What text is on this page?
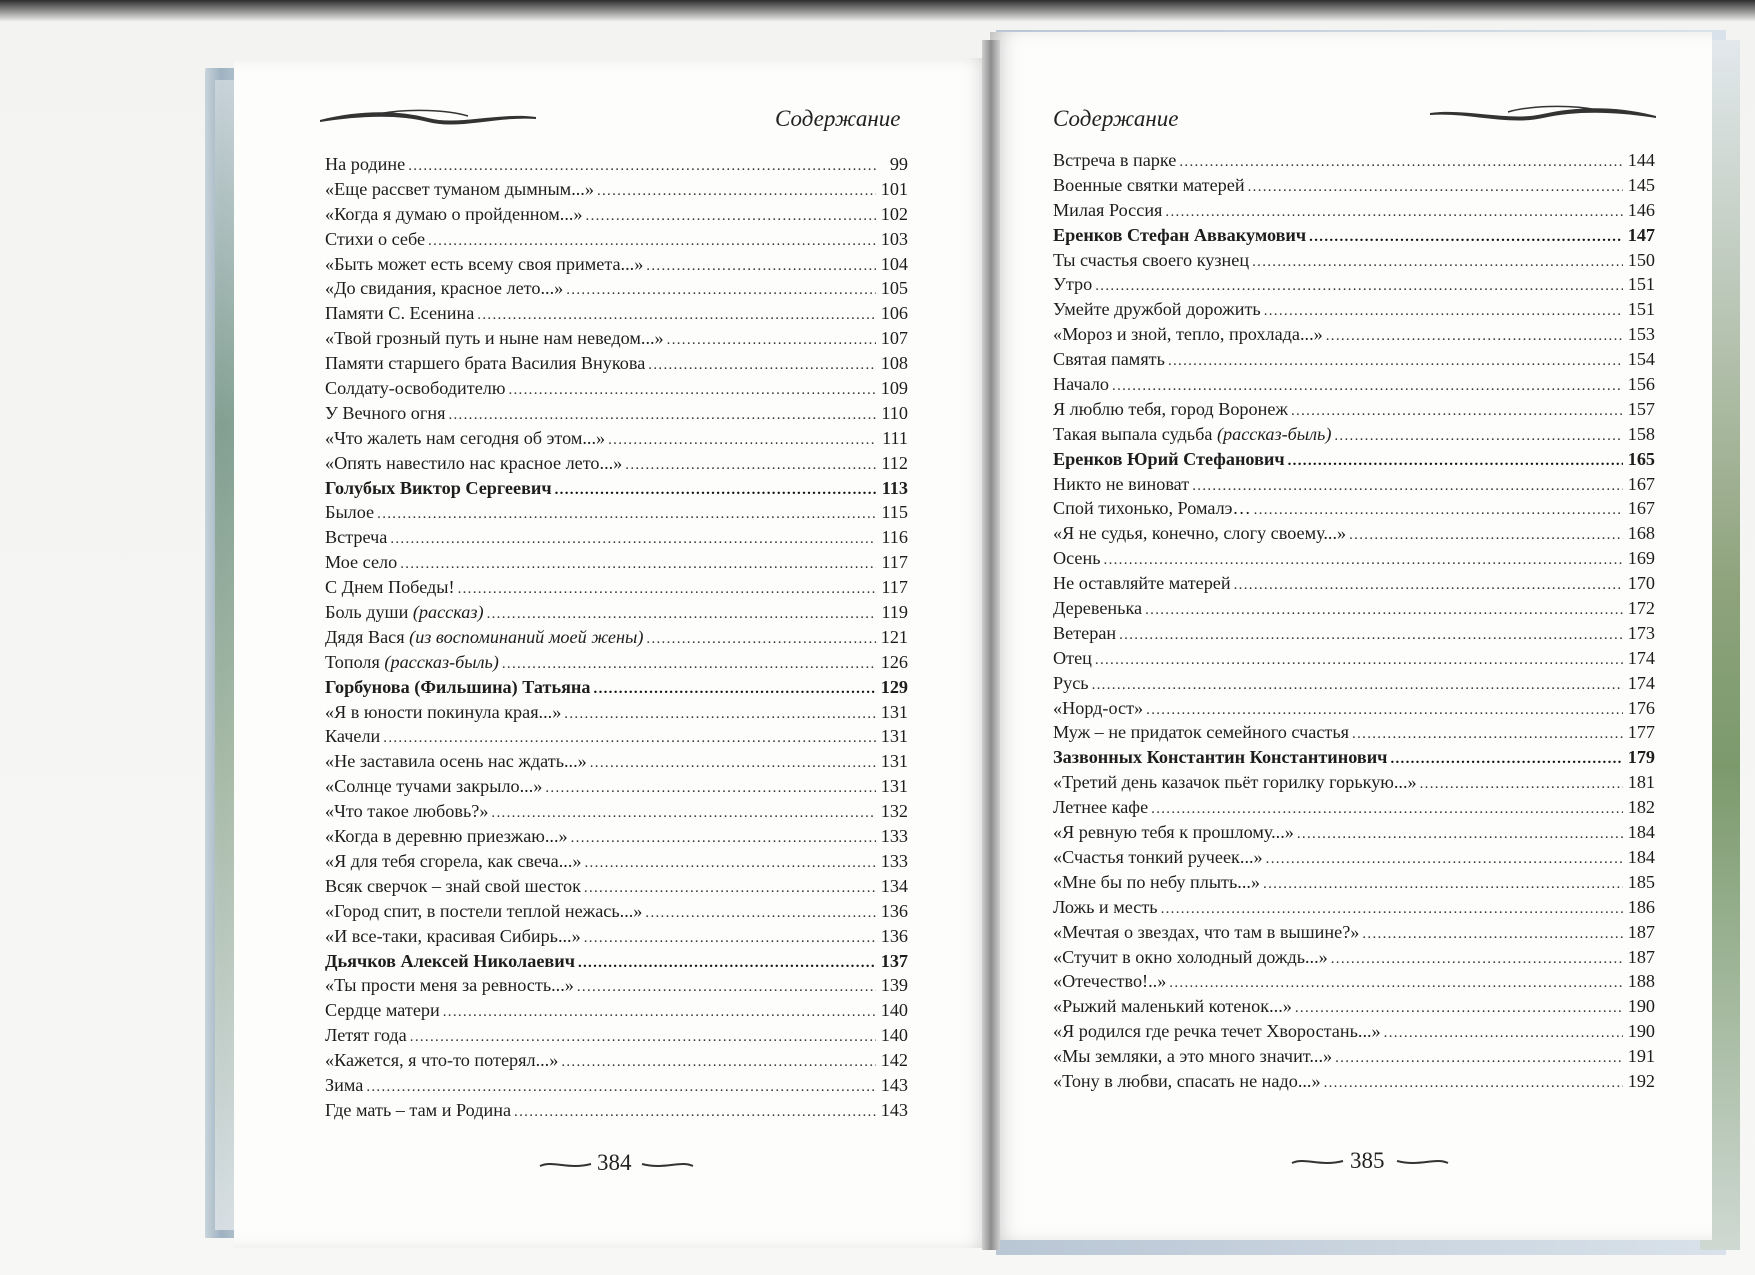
Содержание	Содержание
На родине .....	99
«Еще рассвет туманом дымным...» .....	101
«Когда я думаю о пройденном...» .....	102
Стихи о себе .....	103
«Быть может есть всему своя примета...» .....	104
«До свидания, красное лето...» .....	105
Памяти С. Есенина .....	106
«Твой грозный путь и ныне нам неведом...» .....	107
Памяти старшего брата Василия Внукова .....	108
Солдату-освободителю .....	109
У Вечного огня .....	110
«Что жалеть нам сегодня об этом...» .....	111
«Опять навестило нас красное лето...» .....	112
Голубых Виктор Сергеевич .....	113
Былое .....	115
Встреча .....	116
Мое село .....	117
С Днем Победы! .....	117
Боль души (рассказ) .....	119
Дядя Вася (из воспоминаний моей жены) .....	121
Тополя (рассказ-быль) .....	126
Горбунова (Фильшина) Татьяна .....	129
«Я в юности покинула края...» .....	131
Качели .....	131
«Не заставила осень нас ждать...» .....	131
«Солнце тучами закрыло...» .....	131
«Что такое любовь?» .....	132
«Когда в деревню приезжаю...» .....	133
«Я для тебя сгорела, как свеча...» .....	133
Всяк сверчок – знай свой шесток .....	134
«Город спит, в постели теплой нежась...» .....	136
«И все-таки, красивая Сибирь...» .....	136
Дьячков Алексей Николаевич .....	137
«Ты прости меня за ревность...» .....	139
Сердце матери .....	140
Летят года .....	140
«Кажется, я что-то потерял...» .....	142
Зима .....	143
Где мать – там и Родина .....	143
Встреча в парке .....	144
Военные святки матерей .....	145
Милая Россия .....	146
Еренков Стефан Аввакумович .....	147
Ты счастья своего кузнец .....	150
Утро .....	151
Умейте дружбой дорожить .....	151
«Мороз и зной, тепло, прохлада...» .....	153
Святая память .....	154
Начало .....	156
Я люблю тебя, город Воронеж .....	157
Такая выпала судьба (рассказ-быль) .....	158
Еренков Юрий Стефанович .....	165
Никто не виноват .....	167
Спой тихонько, Ромалэ… .....	167
«Я не судья, конечно, слогу своему...» .....	168
Осень .....	169
Не оставляйте матерей .....	170
Деревенька .....	172
Ветеран .....	173
Отец .....	174
Русь .....	174
«Норд-ост» .....	176
Муж – не придаток семейного счастья .....	177
Зазвонных Константин Константинович .....	179
«Третий день казачок пьёт горилку горькую...» .....	181
Летнее кафе .....	182
«Я ревную тебя к прошлому...» .....	184
«Счастья тонкий ручеек...» .....	184
«Мне бы по небу плыть...» .....	185
Ложь и месть .....	186
«Мечтая о звездах, что там в вышине?» .....	187
«Стучит в окно холодный дождь...» .....	187
«Отечество!..» .....	188
«Рыжий маленький котенок...» .....	190
«Я родился где речка течет Хворостань...» .....	190
«Мы земляки, а это много значит...» .....	191
«Тону в любви, спасать не надо...» .....	192
384	385
